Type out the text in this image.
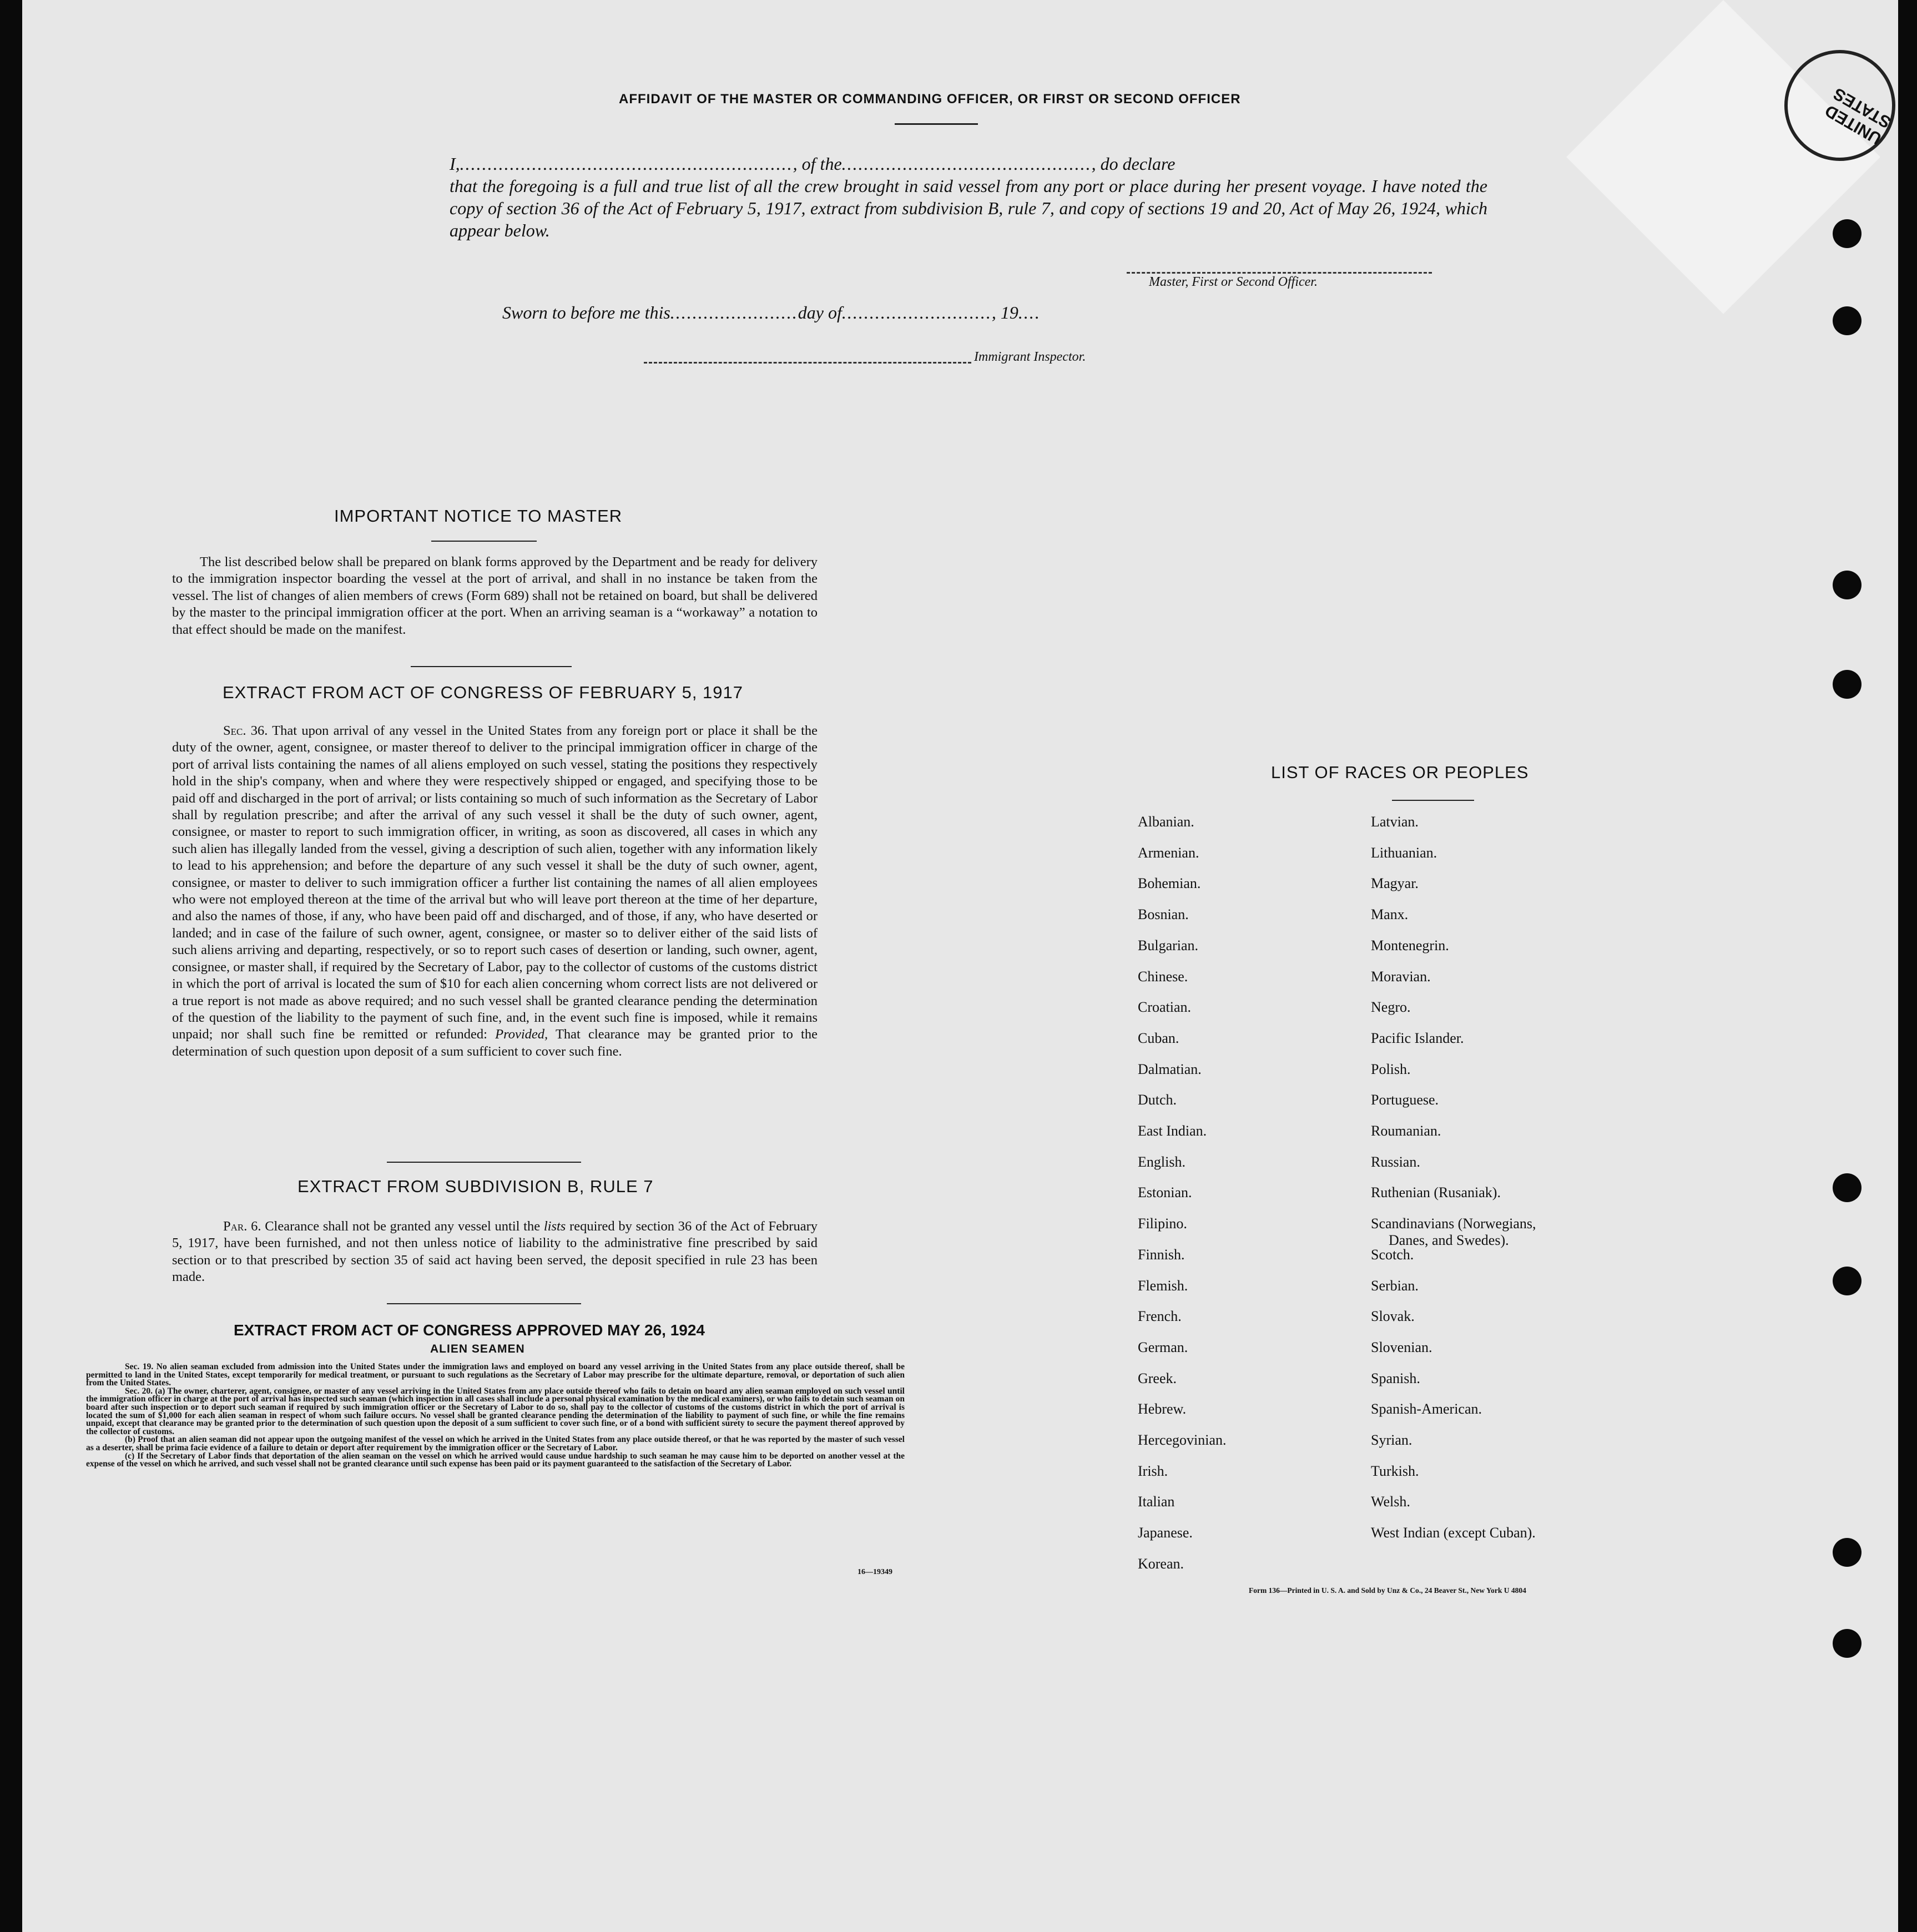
UNITED STATES
AFFIDAVIT OF THE MASTER OR COMMANDING OFFICER, OR FIRST OR SECOND OFFICER
I,............................................................, of the............................................., do declare
that the foregoing is a full and true list of all the crew brought in said vessel from any port or place during her present voyage. I have noted the copy of section 36 of the Act of February 5, 1917, extract from subdivision B, rule 7, and copy of sections 19 and 20, Act of May 26, 1924, which appear below.
Master, First or Second Officer.
Sworn to before me this.......................day of..........................., 19....
Immigrant Inspector.
IMPORTANT NOTICE TO MASTER
The list described below shall be prepared on blank forms approved by the Department and be ready for delivery to the immigration inspector boarding the vessel at the port of arrival, and shall in no instance be taken from the vessel. The list of changes of alien members of crews (Form 689) shall not be retained on board, but shall be delivered by the master to the principal immigration officer at the port. When an arriving seaman is a “workaway” a notation to that effect should be made on the manifest.
EXTRACT FROM ACT OF CONGRESS OF FEBRUARY 5, 1917
Sec. 36. That upon arrival of any vessel in the United States from any foreign port or place it shall be the duty of the owner, agent, consignee, or master thereof to deliver to the principal immigration officer in charge of the port of arrival lists containing the names of all aliens employed on such vessel, stating the positions they respectively hold in the ship's company, when and where they were respectively shipped or engaged, and specifying those to be paid off and discharged in the port of arrival; or lists containing so much of such information as the Secretary of Labor shall by regulation prescribe; and after the arrival of any such vessel it shall be the duty of such owner, agent, consignee, or master to report to such immigration officer, in writing, as soon as discovered, all cases in which any such alien has illegally landed from the vessel, giving a description of such alien, together with any information likely to lead to his apprehension; and before the departure of any such vessel it shall be the duty of such owner, agent, consignee, or master to deliver to such immigration officer a further list containing the names of all alien employees who were not employed thereon at the time of the arrival but who will leave port thereon at the time of her departure, and also the names of those, if any, who have been paid off and discharged, and of those, if any, who have deserted or landed; and in case of the failure of such owner, agent, consignee, or master so to deliver either of the said lists of such aliens arriving and departing, respectively, or so to report such cases of desertion or landing, such owner, agent, consignee, or master shall, if required by the Secretary of Labor, pay to the collector of customs of the customs district in which the port of arrival is located the sum of $10 for each alien concerning whom correct lists are not delivered or a true report is not made as above required; and no such vessel shall be granted clearance pending the determination of the question of the liability to the payment of such fine, and, in the event such fine is imposed, while it remains unpaid; nor shall such fine be remitted or refunded: Provided, That clearance may be granted prior to the determination of such question upon deposit of a sum sufficient to cover such fine.
EXTRACT FROM SUBDIVISION B, RULE 7
Par. 6. Clearance shall not be granted any vessel until the lists required by section 36 of the Act of February 5, 1917, have been furnished, and not then unless notice of liability to the administrative fine prescribed by said section or to that prescribed by section 35 of said act having been served, the deposit specified in rule 23 has been made.
EXTRACT FROM ACT OF CONGRESS APPROVED MAY 26, 1924
ALIEN SEAMEN
Sec. 19. No alien seaman excluded from admission into the United States under the immigration laws and employed on board any vessel arriving in the United States from any place outside thereof, shall be permitted to land in the United States, except temporarily for medical treatment, or pursuant to such regulations as the Secretary of Labor may prescribe for the ultimate departure, removal, or deportation of such alien from the United States.
Sec. 20. (a) The owner, charterer, agent, consignee, or master of any vessel arriving in the United States from any place outside thereof who fails to detain on board any alien seaman employed on such vessel until the immigration officer in charge at the port of arrival has inspected such seaman (which inspection in all cases shall include a personal physical examination by the medical examiners), or who fails to detain such seaman on board after such inspection or to deport such seaman if required by such immigration officer or the Secretary of Labor to do so, shall pay to the collector of customs of the customs district in which the port of arrival is located the sum of $1,000 for each alien seaman in respect of whom such failure occurs. No vessel shall be granted clearance pending the determination of the liability to payment of such fine, or while the fine remains unpaid, except that clearance may be granted prior to the determination of such question upon the deposit of a sum sufficient to cover such fine, or of a bond with sufficient surety to secure the payment thereof approved by the collector of customs.
(b) Proof that an alien seaman did not appear upon the outgoing manifest of the vessel on which he arrived in the United States from any place outside thereof, or that he was reported by the master of such vessel as a deserter, shall be prima facie evidence of a failure to detain or deport after requirement by the immigration officer or the Secretary of Labor.
(c) If the Secretary of Labor finds that deportation of the alien seaman on the vessel on which he arrived would cause undue hardship to such seaman he may cause him to be deported on another vessel at the expense of the vessel on which he arrived, and such vessel shall not be granted clearance until such expense has been paid or its payment guaranteed to the satisfaction of the Secretary of Labor.
16—19349
LIST OF RACES OR PEOPLES
Form 136—Printed in U. S. A. and Sold by Unz & Co., 24 Beaver St., New York U 4804
Albanian.
Armenian.
Bohemian.
Bosnian.
Bulgarian.
Chinese.
Croatian.
Cuban.
Dalmatian.
Dutch.
East Indian.
English.
Estonian.
Filipino.
Finnish.
Flemish.
French.
German.
Greek.
Hebrew.
Hercegovinian.
Irish.
Italian
Japanese.
Korean.
Latvian.
Lithuanian.
Magyar.
Manx.
Montenegrin.
Moravian.
Negro.
Pacific Islander.
Polish.
Portuguese.
Roumanian.
Russian.
Ruthenian (Rusaniak).
Scandinavians (Norwegians,
Danes, and Swedes).
Scotch.
Serbian.
Slovak.
Slovenian.
Spanish.
Spanish-American.
Syrian.
Turkish.
Welsh.
West Indian (except Cuban).
